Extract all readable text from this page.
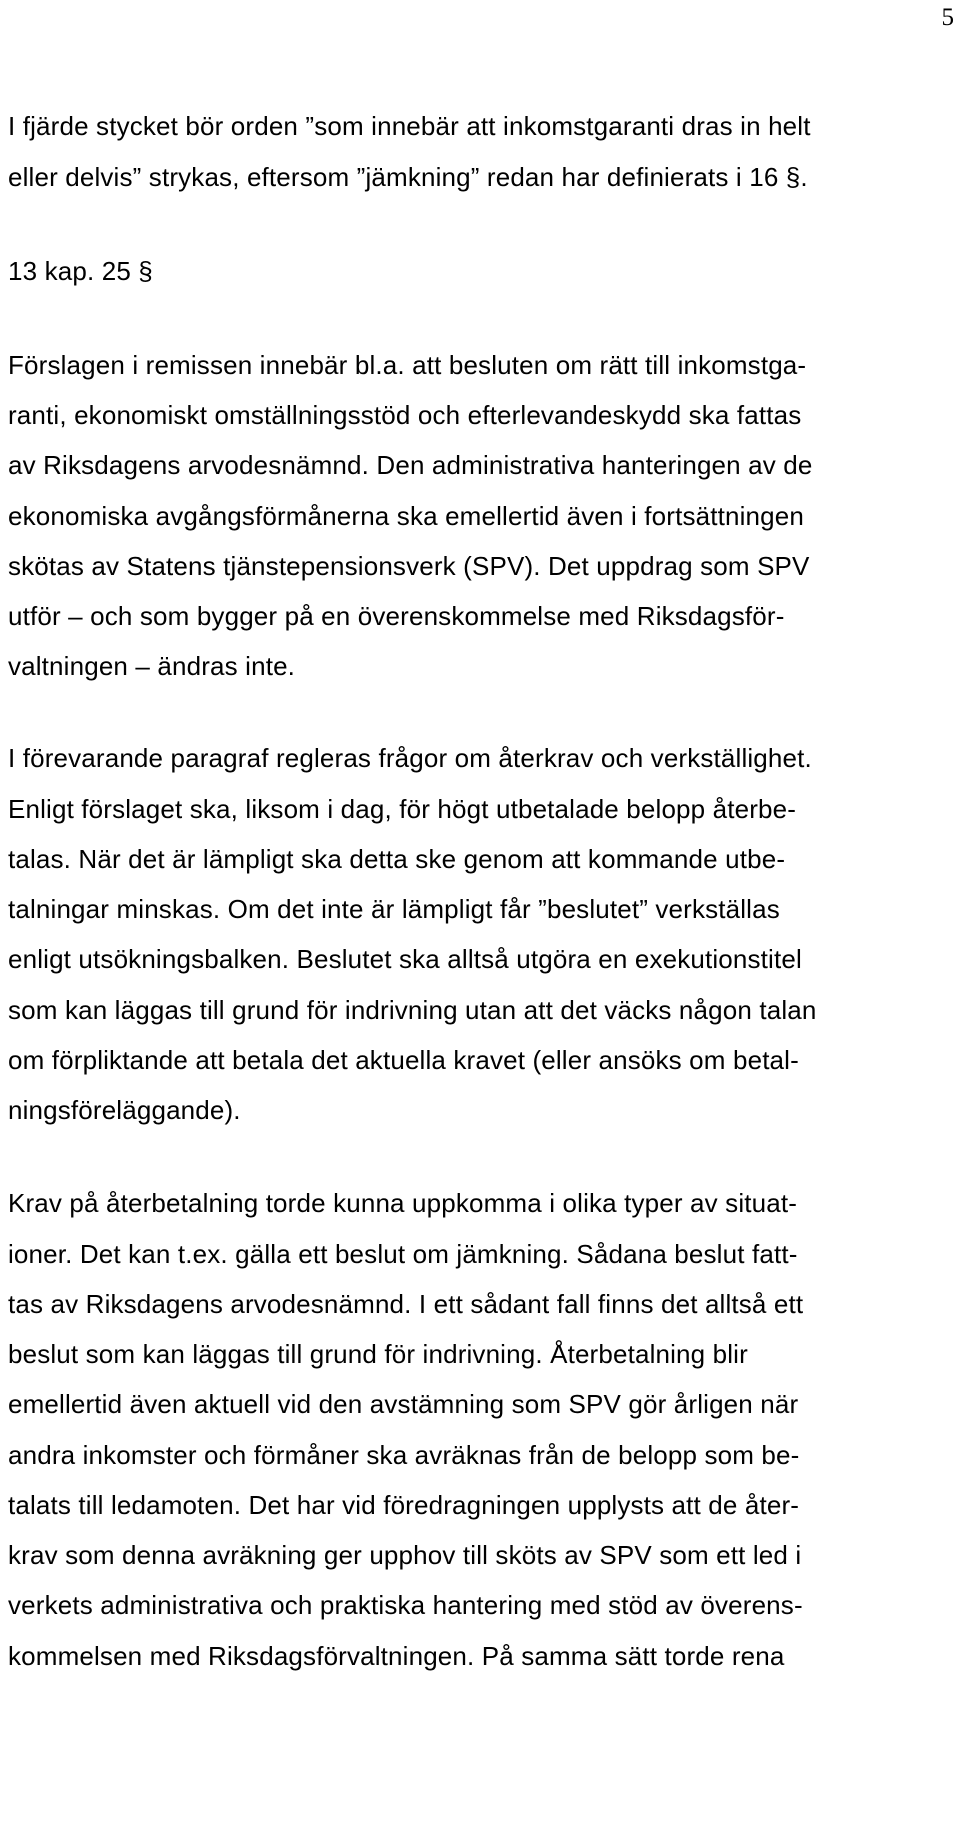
5
I fjärde stycket bör orden ”som innebär att inkomstgaranti dras in helt
eller delvis” strykas, eftersom ”jämkning” redan har definierats i 16 §.
13 kap. 25 §
Förslagen i remissen innebär bl.a. att besluten om rätt till inkomstga-
ranti, ekonomiskt omställningsstöd och efterlevandeskydd ska fattas
av Riksdagens arvodesnämnd. Den administrativa hanteringen av de
ekonomiska avgångsförmånerna ska emellertid även i fortsättningen
skötas av Statens tjänstepensionsverk (SPV). Det uppdrag som SPV
utför – och som bygger på en överenskommelse med Riksdagsför-
valtningen – ändras inte.
I förevarande paragraf regleras frågor om återkrav och verkställighet.
Enligt förslaget ska, liksom i dag, för högt utbetalade belopp återbe-
talas. När det är lämpligt ska detta ske genom att kommande utbe-
talningar minskas. Om det inte är lämpligt får ”beslutet” verkställas
enligt utsökningsbalken. Beslutet ska alltså utgöra en exekutionstitel
som kan läggas till grund för indrivning utan att det väcks någon talan
om förpliktande att betala det aktuella kravet (eller ansöks om betal-
ningsföreläggande).
Krav på återbetalning torde kunna uppkomma i olika typer av situat-
ioner. Det kan t.ex. gälla ett beslut om jämkning. Sådana beslut fatt-
tas av Riksdagens arvodesnämnd. I ett sådant fall finns det alltså ett
beslut som kan läggas till grund för indrivning. Återbetalning blir
emellertid även aktuell vid den avstämning som SPV gör årligen när
andra inkomster och förmåner ska avräknas från de belopp som be-
talats till ledamoten. Det har vid föredragningen upplysts att de åter-
krav som denna avräkning ger upphov till sköts av SPV som ett led i
verkets administrativa och praktiska hantering med stöd av överens-
kommelsen med Riksdagsförvaltningen. På samma sätt torde rena
